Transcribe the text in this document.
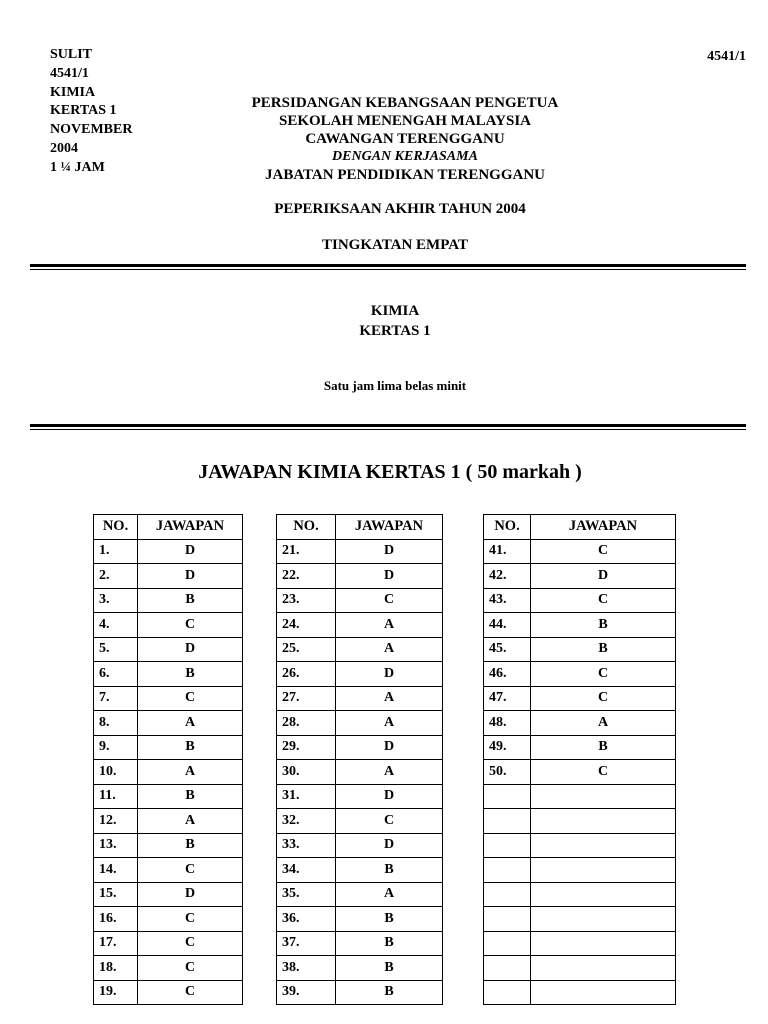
SULIT
4541/1
KIMIA
KERTAS 1
NOVEMBER
2004
1 ¼ JAM
4541/1
PERSIDANGAN KEBANGSAAN PENGETUA
SEKOLAH MENENGAH MALAYSIA
CAWANGAN TERENGGANU
DENGAN KERJASAMA
JABATAN PENDIDIKAN TERENGGANU
PEPERIKSAAN AKHIR TAHUN 2004
TINGKATAN EMPAT
KIMIA
KERTAS 1
Satu jam lima belas minit
JAWAPAN KIMIA KERTAS 1 ( 50 markah )
NO.	JAWAPAN
1.	D
2.	D
3.	B
4.	C
5.	D
6.	B
7.	C
8.	A
9.	B
10.	A
11.	B
12.	A
13.	B
14.	C
15.	D
16.	C
17.	C
18.	C
19.	C
NO.	JAWAPAN
21.	D
22.	D
23.	C
24.	A
25.	A
26.	D
27.	A
28.	A
29.	D
30.	A
31.	D
32.	C
33.	D
34.	B
35.	A
36.	B
37.	B
38.	B
39.	B
NO.	JAWAPAN
41.	C
42.	D
43.	C
44.	B
45.	B
46.	C
47.	C
48.	A
49.	B
50.	C
